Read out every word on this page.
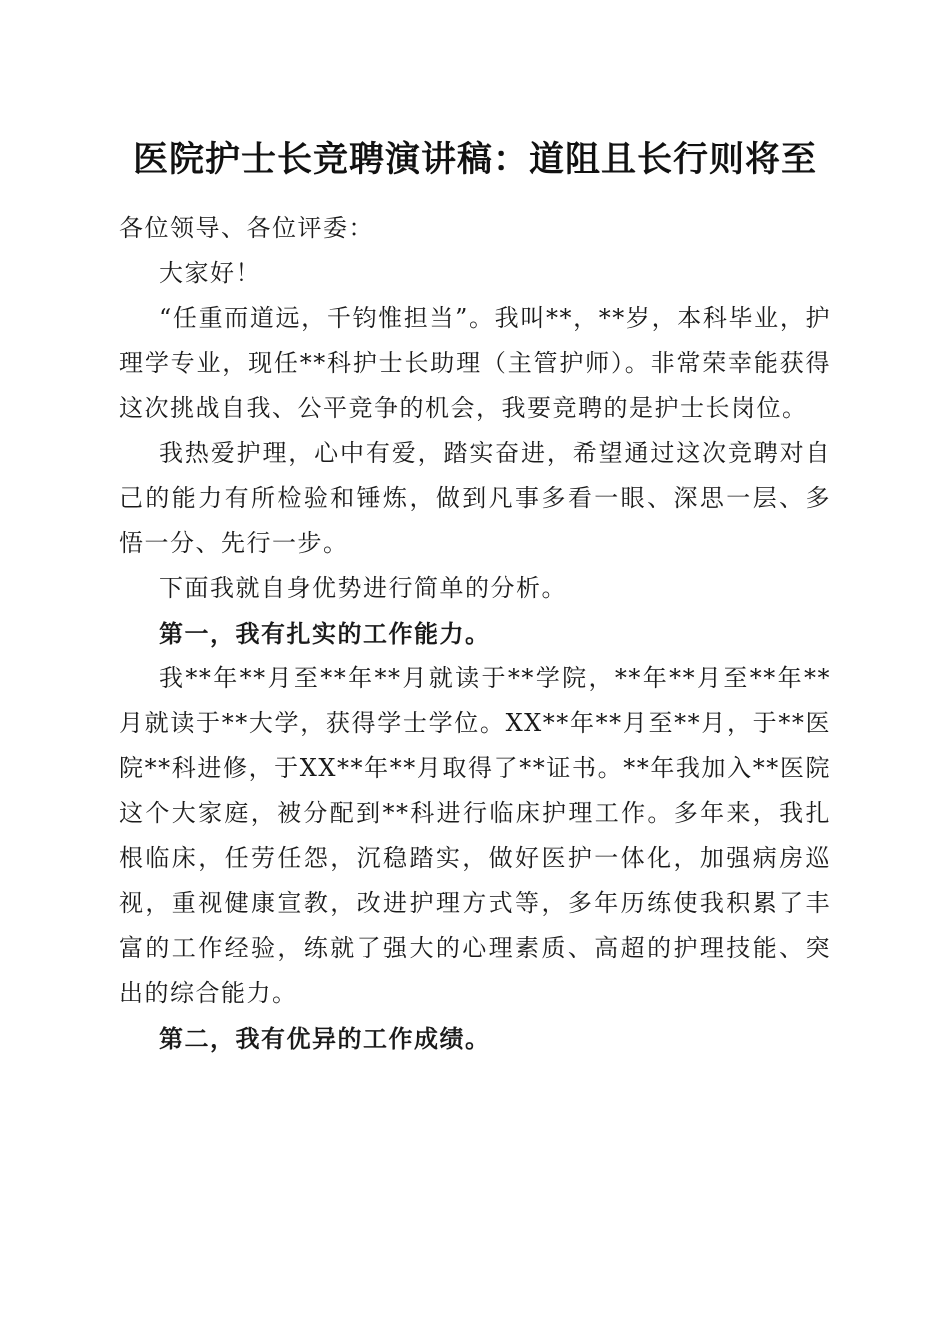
医院护士长竞聘演讲稿：道阻且长行则将至

各位领导、各位评委：

大家好！

“任重而道远，千钧惟担当”。我叫**，**岁，本科毕业，护理学专业，现任**科护士长助理（主管护师）。非常荣幸能获得这次挑战自我、公平竞争的机会，我要竞聘的是护士长岗位。

我热爱护理，心中有爱，踏实奋进，希望通过这次竞聘对自己的能力有所检验和锤炼，做到凡事多看一眼、深思一层、多悟一分、先行一步。

下面我就自身优势进行简单的分析。

第一，我有扎实的工作能力。

我**年**月至**年**月就读于**学院，**年**月至**年**月就读于**大学，获得学士学位。XX**年**月至**月，于**医院**科进修，于XX**年**月取得了**证书。**年我加入**医院这个大家庭，被分配到**科进行临床护理工作。多年来，我扎根临床，任劳任怨，沉稳踏实，做好医护一体化，加强病房巡视，重视健康宣教，改进护理方式等，多年历练使我积累了丰富的工作经验，练就了强大的心理素质、高超的护理技能、突出的综合能力。

第二，我有优异的工作成绩。
